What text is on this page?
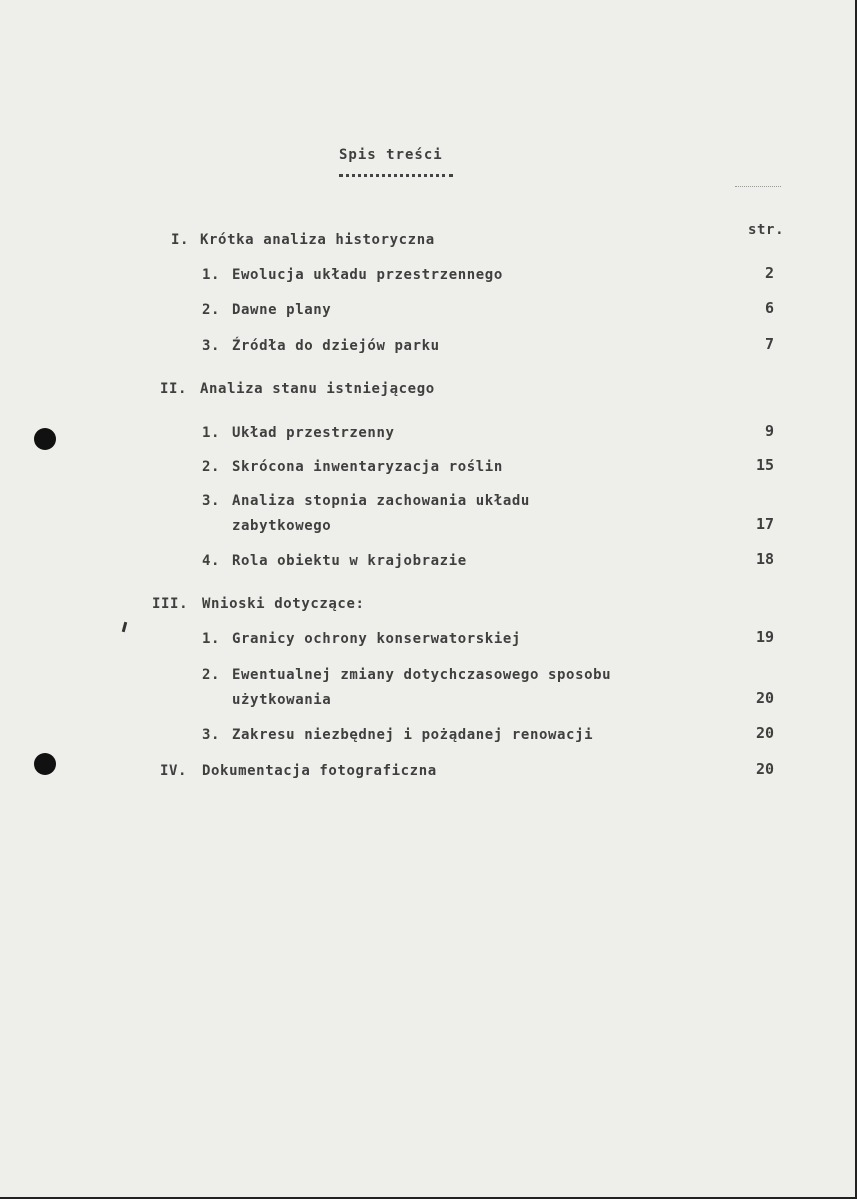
Spis treści
str.
I. Krótka analiza historyczna
1. Ewolucja układu przestrzennego	2
2. Dawne plany	6
3. Źródła do dziejów parku	7
II. Analiza stanu istniejącego
1. Układ przestrzenny	9
2. Skrócona inwentaryzacja roślin	15
3. Analiza stopnia zachowania układu
zabytkowego	17
4. Rola obiektu w krajobrazie	18
III. Wnioski dotyczące:
1. Granicy ochrony konserwatorskiej	19
2. Ewentualnej zmiany dotychczasowego sposobu
użytkowania	20
3. Zakresu niezbędnej i pożądanej renowacji	20
IV. Dokumentacja fotograficzna	20
